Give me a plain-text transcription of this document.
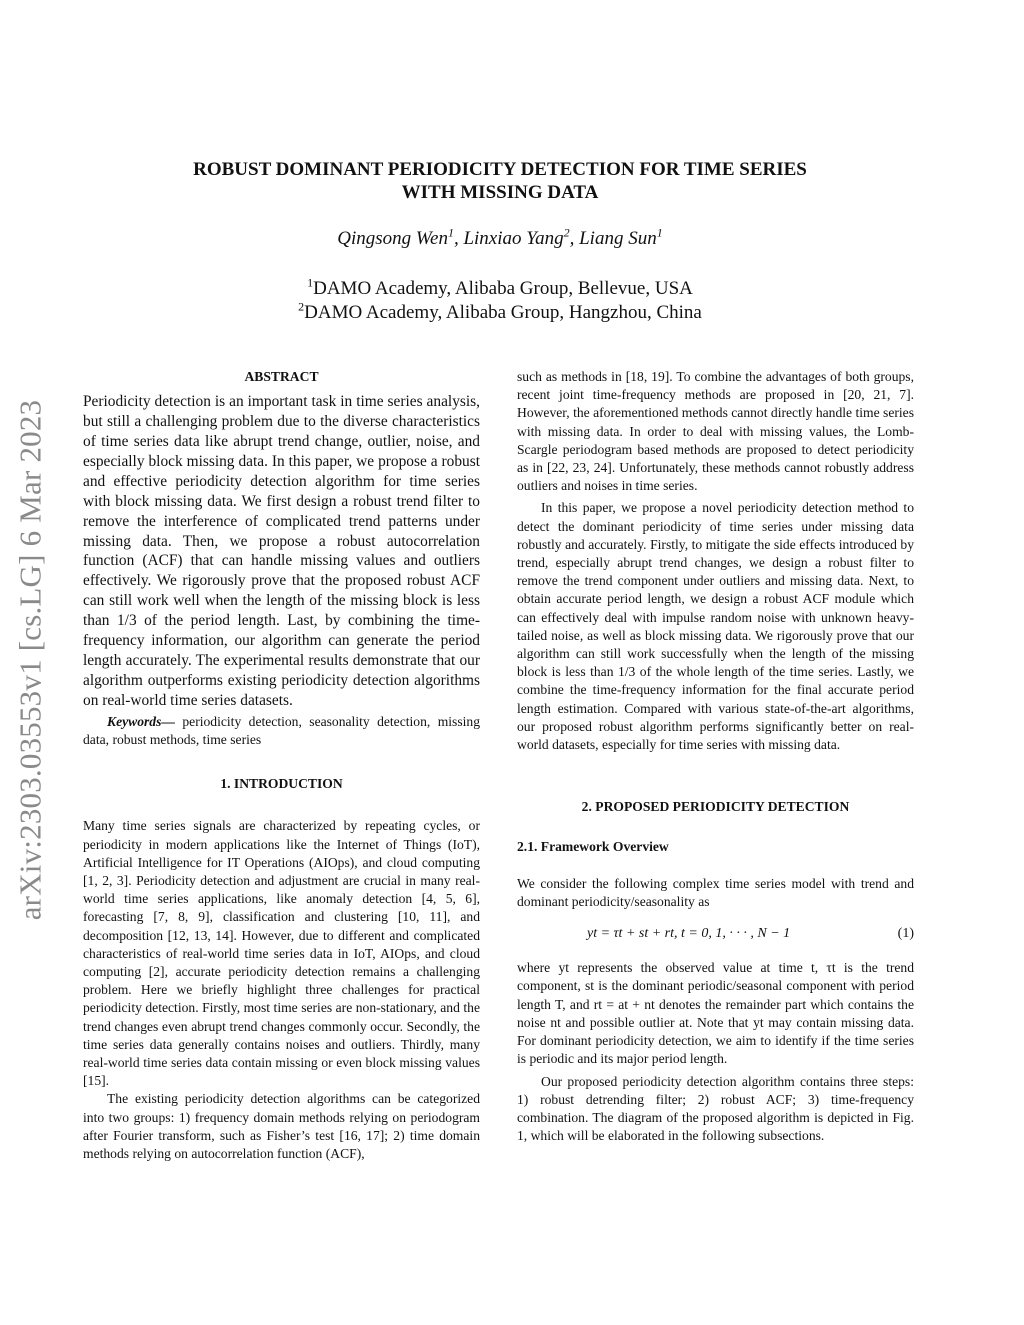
arXiv:2303.03553v1 [cs.LG] 6 Mar 2023
ROBUST DOMINANT PERIODICITY DETECTION FOR TIME SERIES
WITH MISSING DATA
Qingsong Wen$^1$, Linxiao Yang$^2$, Liang Sun$^1$
$^1$DAMO Academy, Alibaba Group, Bellevue, USA
$^2$DAMO Academy, Alibaba Group, Hangzhou, China

ABSTRACT

Periodicity detection is an important task in time series analysis, but still a challenging problem due to the diverse characteristics of time series data like abrupt trend change, outlier, noise, and especially block missing data. In this paper, we propose a robust and effective periodicity detection algorithm for time series with block missing data. We first design a robust trend filter to remove the interference of complicated trend patterns under missing data. Then, we propose a robust autocorrelation function (ACF) that can handle missing values and outliers effectively. We rigorously prove that the proposed robust ACF can still work well when the length of the missing block is less than 1/3 of the period length. Last, by combining the time-frequency information, our algorithm can generate the period length accurately. The experimental results demonstrate that our algorithm outperforms existing periodicity detection algorithms on real-world time series datasets.

Keywords— periodicity detection, seasonality detection, missing data, robust methods, time series

1. INTRODUCTION

Many time series signals are characterized by repeating cycles, or periodicity in modern applications like the Internet of Things (IoT), Artificial Intelligence for IT Operations (AIOps), and cloud computing [1, 2, 3]. Periodicity detection and adjustment are crucial in many real-world time series applications, like anomaly detection [4, 5, 6], forecasting [7, 8, 9], classification and clustering [10, 11], and decomposition [12, 13, 14]. However, due to different and complicated characteristics of real-world time series data in IoT, AIOps, and cloud computing [2], accurate periodicity detection remains a challenging problem. Here we briefly highlight three challenges for practical periodicity detection. Firstly, most time series are non-stationary, and the trend changes even abrupt trend changes commonly occur. Secondly, the time series data generally contains noises and outliers. Thirdly, many real-world time series data contain missing or even block missing values [15].

The existing periodicity detection algorithms can be categorized into two groups: 1) frequency domain methods relying on periodogram after Fourier transform, such as Fisher’s test [16, 17]; 2) time domain methods relying on autocorrelation function (ACF),

such as methods in [18, 19]. To combine the advantages of both groups, recent joint time-frequency methods are proposed in [20, 21, 7]. However, the aforementioned methods cannot directly handle time series with missing data. In order to deal with missing values, the Lomb-Scargle periodogram based methods are proposed to detect periodicity as in [22, 23, 24]. Unfortunately, these methods cannot robustly address outliers and noises in time series.

In this paper, we propose a novel periodicity detection method to detect the dominant periodicity of time series under missing data robustly and accurately. Firstly, to mitigate the side effects introduced by trend, especially abrupt trend changes, we design a robust filter to remove the trend component under outliers and missing data. Next, to obtain accurate period length, we design a robust ACF module which can effectively deal with impulse random noise with unknown heavy-tailed noise, as well as block missing data. We rigorously prove that our algorithm can still work successfully when the length of the missing block is less than 1/3 of the whole length of the time series. Lastly, we combine the time-frequency information for the final accurate period length estimation. Compared with various state-of-the-art algorithms, our proposed robust algorithm performs significantly better on real-world datasets, especially for time series with missing data.

2. PROPOSED PERIODICITY DETECTION

2.1. Framework Overview

We consider the following complex time series model with trend and dominant periodicity/seasonality as

yt = τt + st + rt, t = 0, 1, · · · , N − 1	(1)

where yt represents the observed value at time t, τt is the trend component, st is the dominant periodic/seasonal component with period length T, and rt = at + nt denotes the remainder part which contains the noise nt and possible outlier at. Note that yt may contain missing data. For dominant periodicity detection, we aim to identify if the time series is periodic and its major period length.

Our proposed periodicity detection algorithm contains three steps: 1) robust detrending filter; 2) robust ACF; 3) time-frequency combination. The diagram of the proposed algorithm is depicted in Fig. 1, which will be elaborated in the following subsections.
